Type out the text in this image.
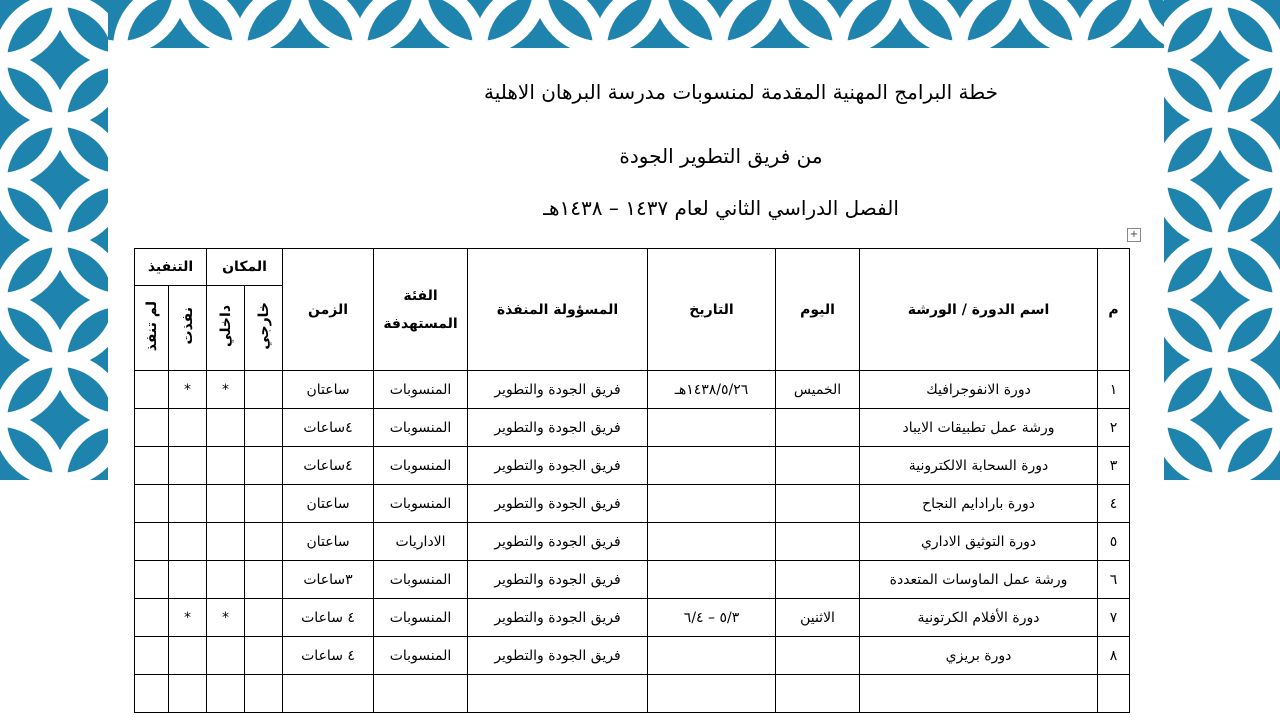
خطة البرامج المهنية المقدمة لمنسوبات مدرسة البرهان الاهلية
من فريق التطوير الجودة
الفصل الدراسي الثاني لعام ١٤٣٧ – ١٤٣٨هـ
+
م	اسم الدورة / الورشة	اليوم	التاريخ	المسؤولة المنفذة	الفئة المستهدفة	الزمن	المكان		التنفيذ	
							خارجي	داخلي	نفذت	لم تنفذ
١	دورة الانفوجرافيك	الخميس	١٤٣٨/٥/٢٦هـ	فريق الجودة والتطوير	المنسوبات	ساعتان		*	*	
٢	ورشة عمل تطبيقات الايباد			فريق الجودة والتطوير	المنسوبات	٤ساعات				
٣	دورة السحابة الالكترونية			فريق الجودة والتطوير	المنسوبات	٤ساعات				
٤	دورة بارادايم النجاح			فريق الجودة والتطوير	المنسوبات	ساعتان				
٥	دورة التوثيق الاداري			فريق الجودة والتطوير	الاداريات	ساعتان				
٦	ورشة عمل الماوسات المتعددة			فريق الجودة والتطوير	المنسوبات	٣ساعات				
٧	دورة الأفلام الكرتونية	الاثنين	٥/٣ – ٦/٤	فريق الجودة والتطوير	المنسوبات	٤ ساعات		*	*	
٨	دورة بريزي			فريق الجودة والتطوير	المنسوبات	٤ ساعات				
